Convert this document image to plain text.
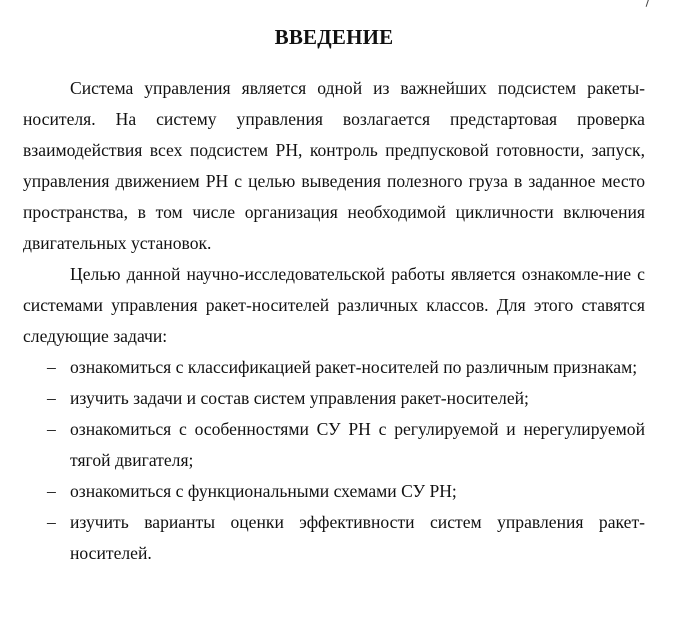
ВВЕДЕНИЕ

Система управления является одной из важнейших подсистем ракеты-носителя. На систему управления возлагается предстартовая проверка взаимодействия всех подсистем РН, контроль предпусковой готовности, запуск, управления движением РН с целью выведения полезного груза в заданное место пространства, в том числе организация необходимой цикличности включения двигательных установок.

Целью данной научно-исследовательской работы является ознакомле-ние с системами управления ракет-носителей различных классов. Для этого ставятся следующие задачи:

– ознакомиться с классификацией ракет-носителей по различным признакам;
– изучить задачи и состав систем управления ракет-носителей;
– ознакомиться с особенностями СУ РН с регулируемой и нерегулируемой тягой двигателя;
– ознакомиться с функциональными схемами СУ РН;
– изучить варианты оценки эффективности систем управления ракет-носителей.
